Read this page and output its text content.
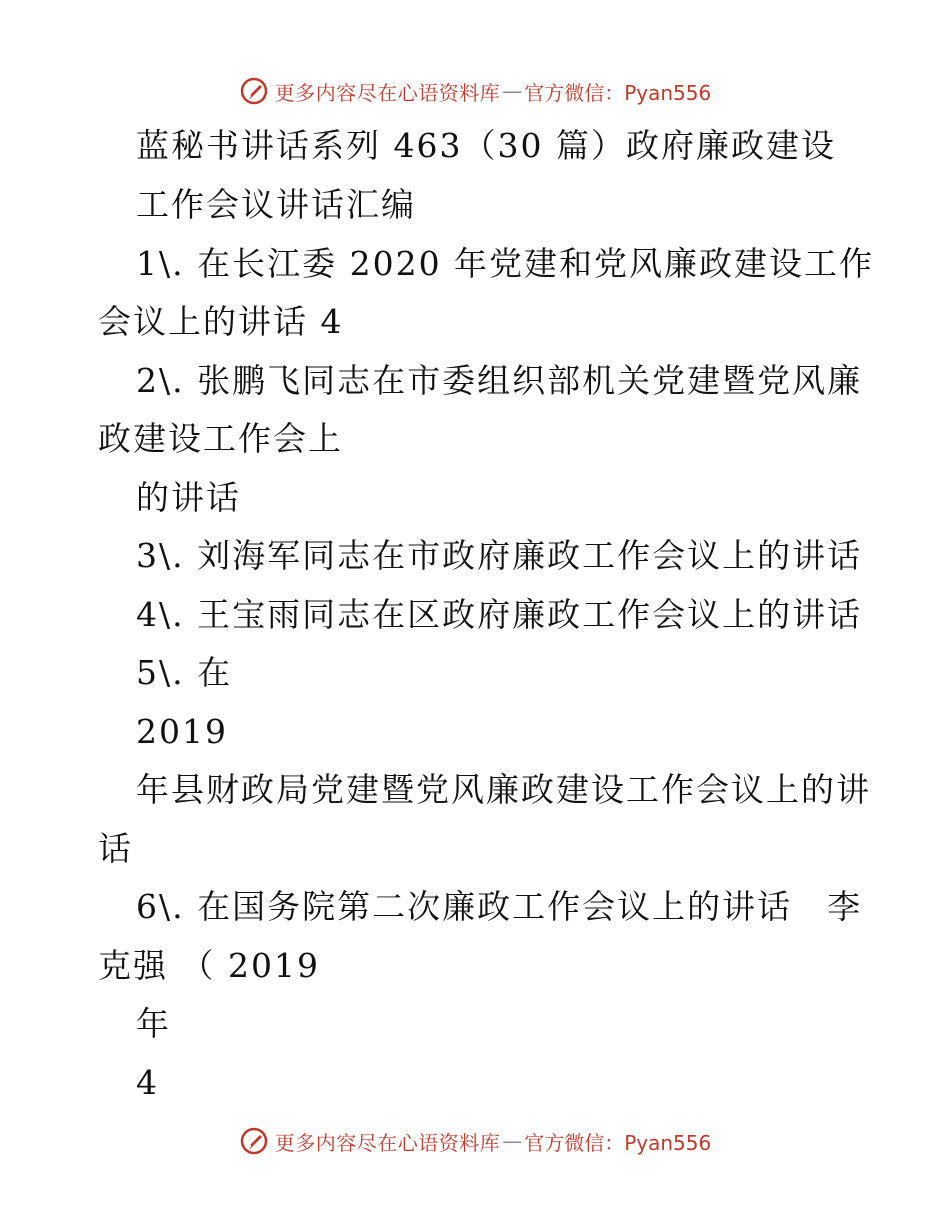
更多内容尽在心语资料库 — 官方微信：Pyan556
蓝秘书讲话系列 463（30 篇）政府廉政建设
工作会议讲话汇编
1\. 在长江委 2020 年党建和党风廉政建设工作
会议上的讲话 4
2\. 张鹏飞同志在市委组织部机关党建暨党风廉
政建设工作会上
的讲话
3\. 刘海军同志在市政府廉政工作会议上的讲话
4\. 王宝雨同志在区政府廉政工作会议上的讲话
5\. 在
2019
年县财政局党建暨党风廉政建设工作会议上的讲
话
6\. 在国务院第二次廉政工作会议上的讲话　李
克强 （ 2019
年
4
更多内容尽在心语资料库 — 官方微信：Pyan556
